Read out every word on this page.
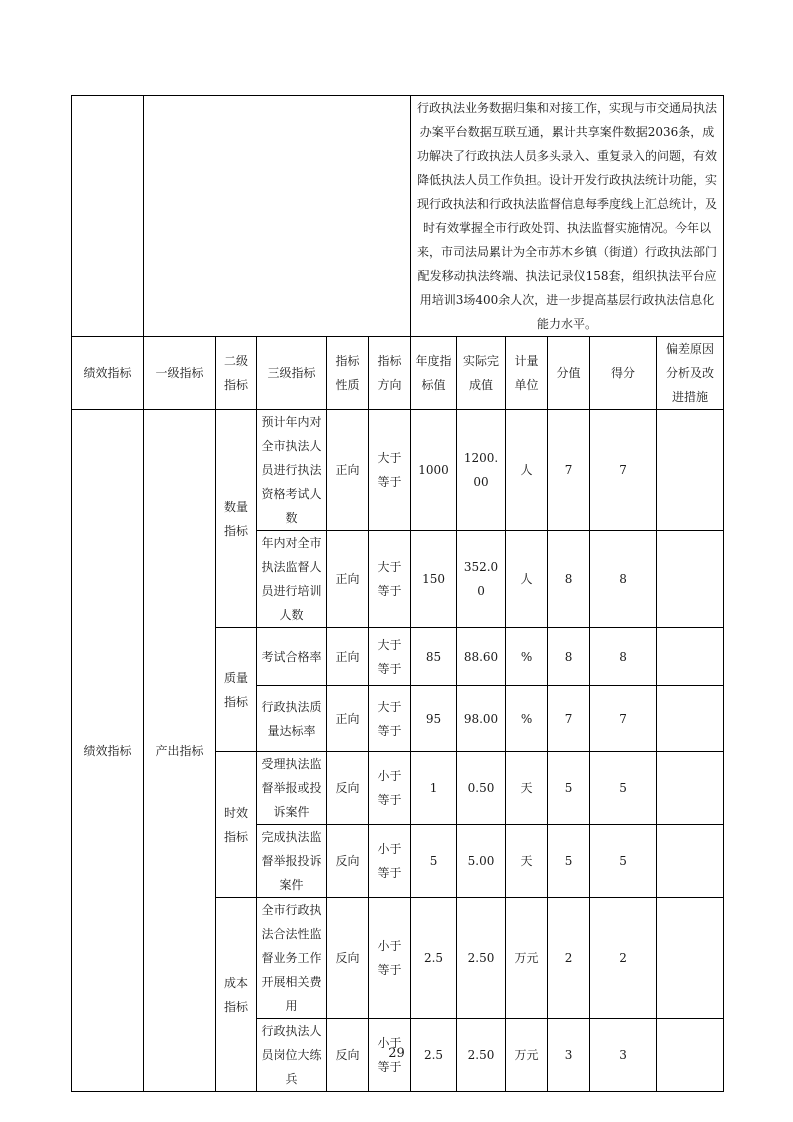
						行政执法业务数据归集和对接工作，实现与市交通局执法办案平台数据互联互通，累计共享案件数据2036条，成功解决了行政执法人员多头录入、重复录入的问题，有效降低执法人员工作负担。设计开发行政执法统计功能，实现行政执法和行政执法监督信息每季度线上汇总统计，及时有效掌握全市行政处罚、执法监督实施情况。今年以来，市司法局累计为全市苏木乡镇（街道）行政执法部门配发移动执法终端、执法记录仪158套，组织执法平台应用培训3场400余人次，进一步提高基层行政执法信息化能力水平。					
绩效指标	一级指标	二级指标	三级指标	指标性质	指标方向	年度指标值	实际完成值	计量单位	分值	得分	偏差原因分析及改进措施
绩效指标	产出指标	数量指标	预计年内对全市执法人员进行执法资格考试人数	正向	大于等于	1000	1200.00	人	7	7	
			年内对全市执法监督人员进行培训人数	正向	大于等于	150	352.00	人	8	8	
		质量指标	考试合格率	正向	大于等于	85	88.60	%	8	8	
			行政执法质量达标率	正向	大于等于	95	98.00	%	7	7	
		时效指标	受理执法监督举报或投诉案件	反向	小于等于	1	0.50	天	5	5	
			完成执法监督举报投诉案件	反向	小于等于	5	5.00	天	5	5	
		成本指标	全市行政执法合法性监督业务工作开展相关费用	反向	小于等于	2.5	2.50	万元	2	2	
			行政执法人员岗位大练兵	反向	小于等于	2.5	2.50	万元	3	3	
29
